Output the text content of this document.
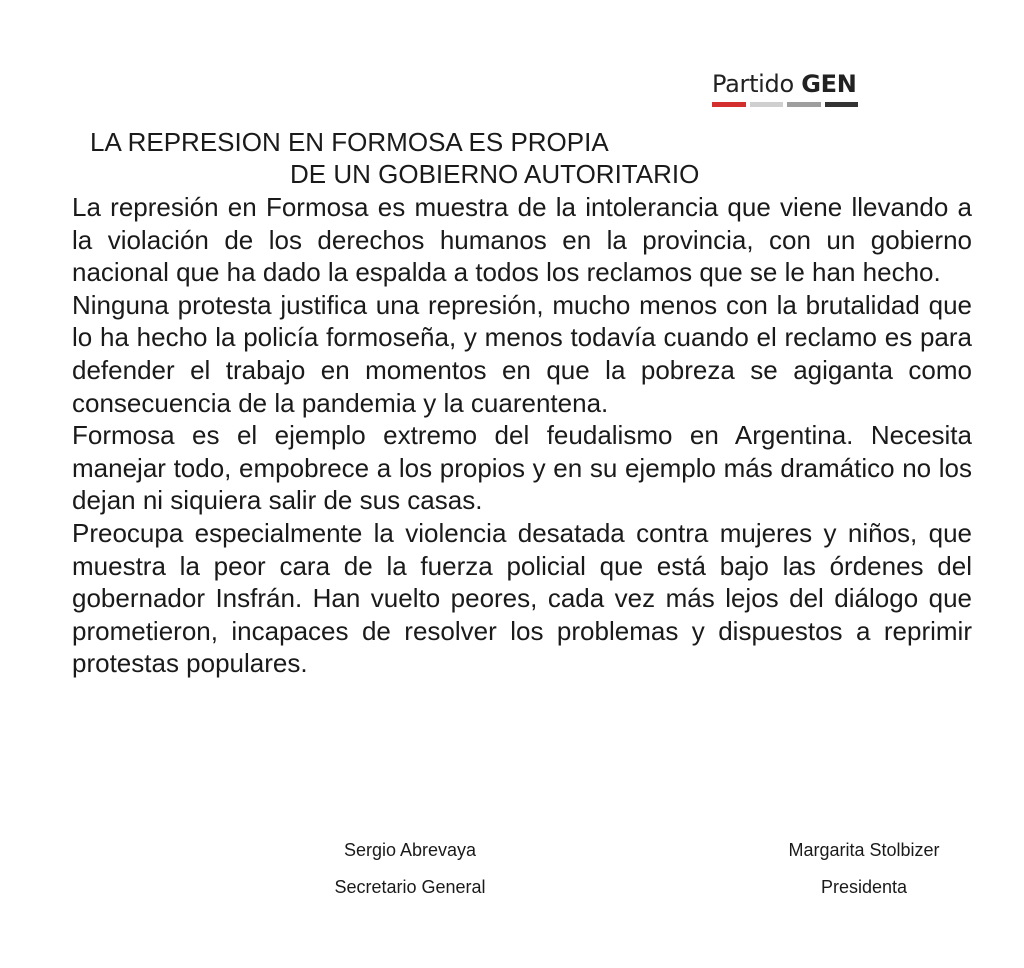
Partido GEN
LA REPRESION EN FORMOSA ES PROPIA
DE UN GOBIERNO AUTORITARIO

La represión en Formosa es muestra de la intolerancia que viene llevando a la violación de los derechos humanos en la provincia, con un gobierno nacional que ha dado la espalda a todos los reclamos que se le han hecho.

Ninguna protesta justifica una represión, mucho menos con la brutalidad que lo ha hecho la policía formoseña, y menos todavía cuando el reclamo es para defender el trabajo en momentos en que la pobreza se agiganta como consecuencia de la pandemia y la cuarentena.

Formosa es el ejemplo extremo del feudalismo en Argentina. Necesita manejar todo, empobrece a los propios y en su ejemplo más dramático no los dejan ni siquiera salir de sus casas.

Preocupa especialmente la violencia desatada contra mujeres y niños, que muestra la peor cara de la fuerza policial que está bajo las órdenes del gobernador Insfrán. Han vuelto peores, cada vez más lejos del diálogo que prometieron, incapaces de resolver los problemas y dispuestos a reprimir protestas populares.

Sergio Abrevaya
Secretario General
Margarita Stolbizer
Presidenta
